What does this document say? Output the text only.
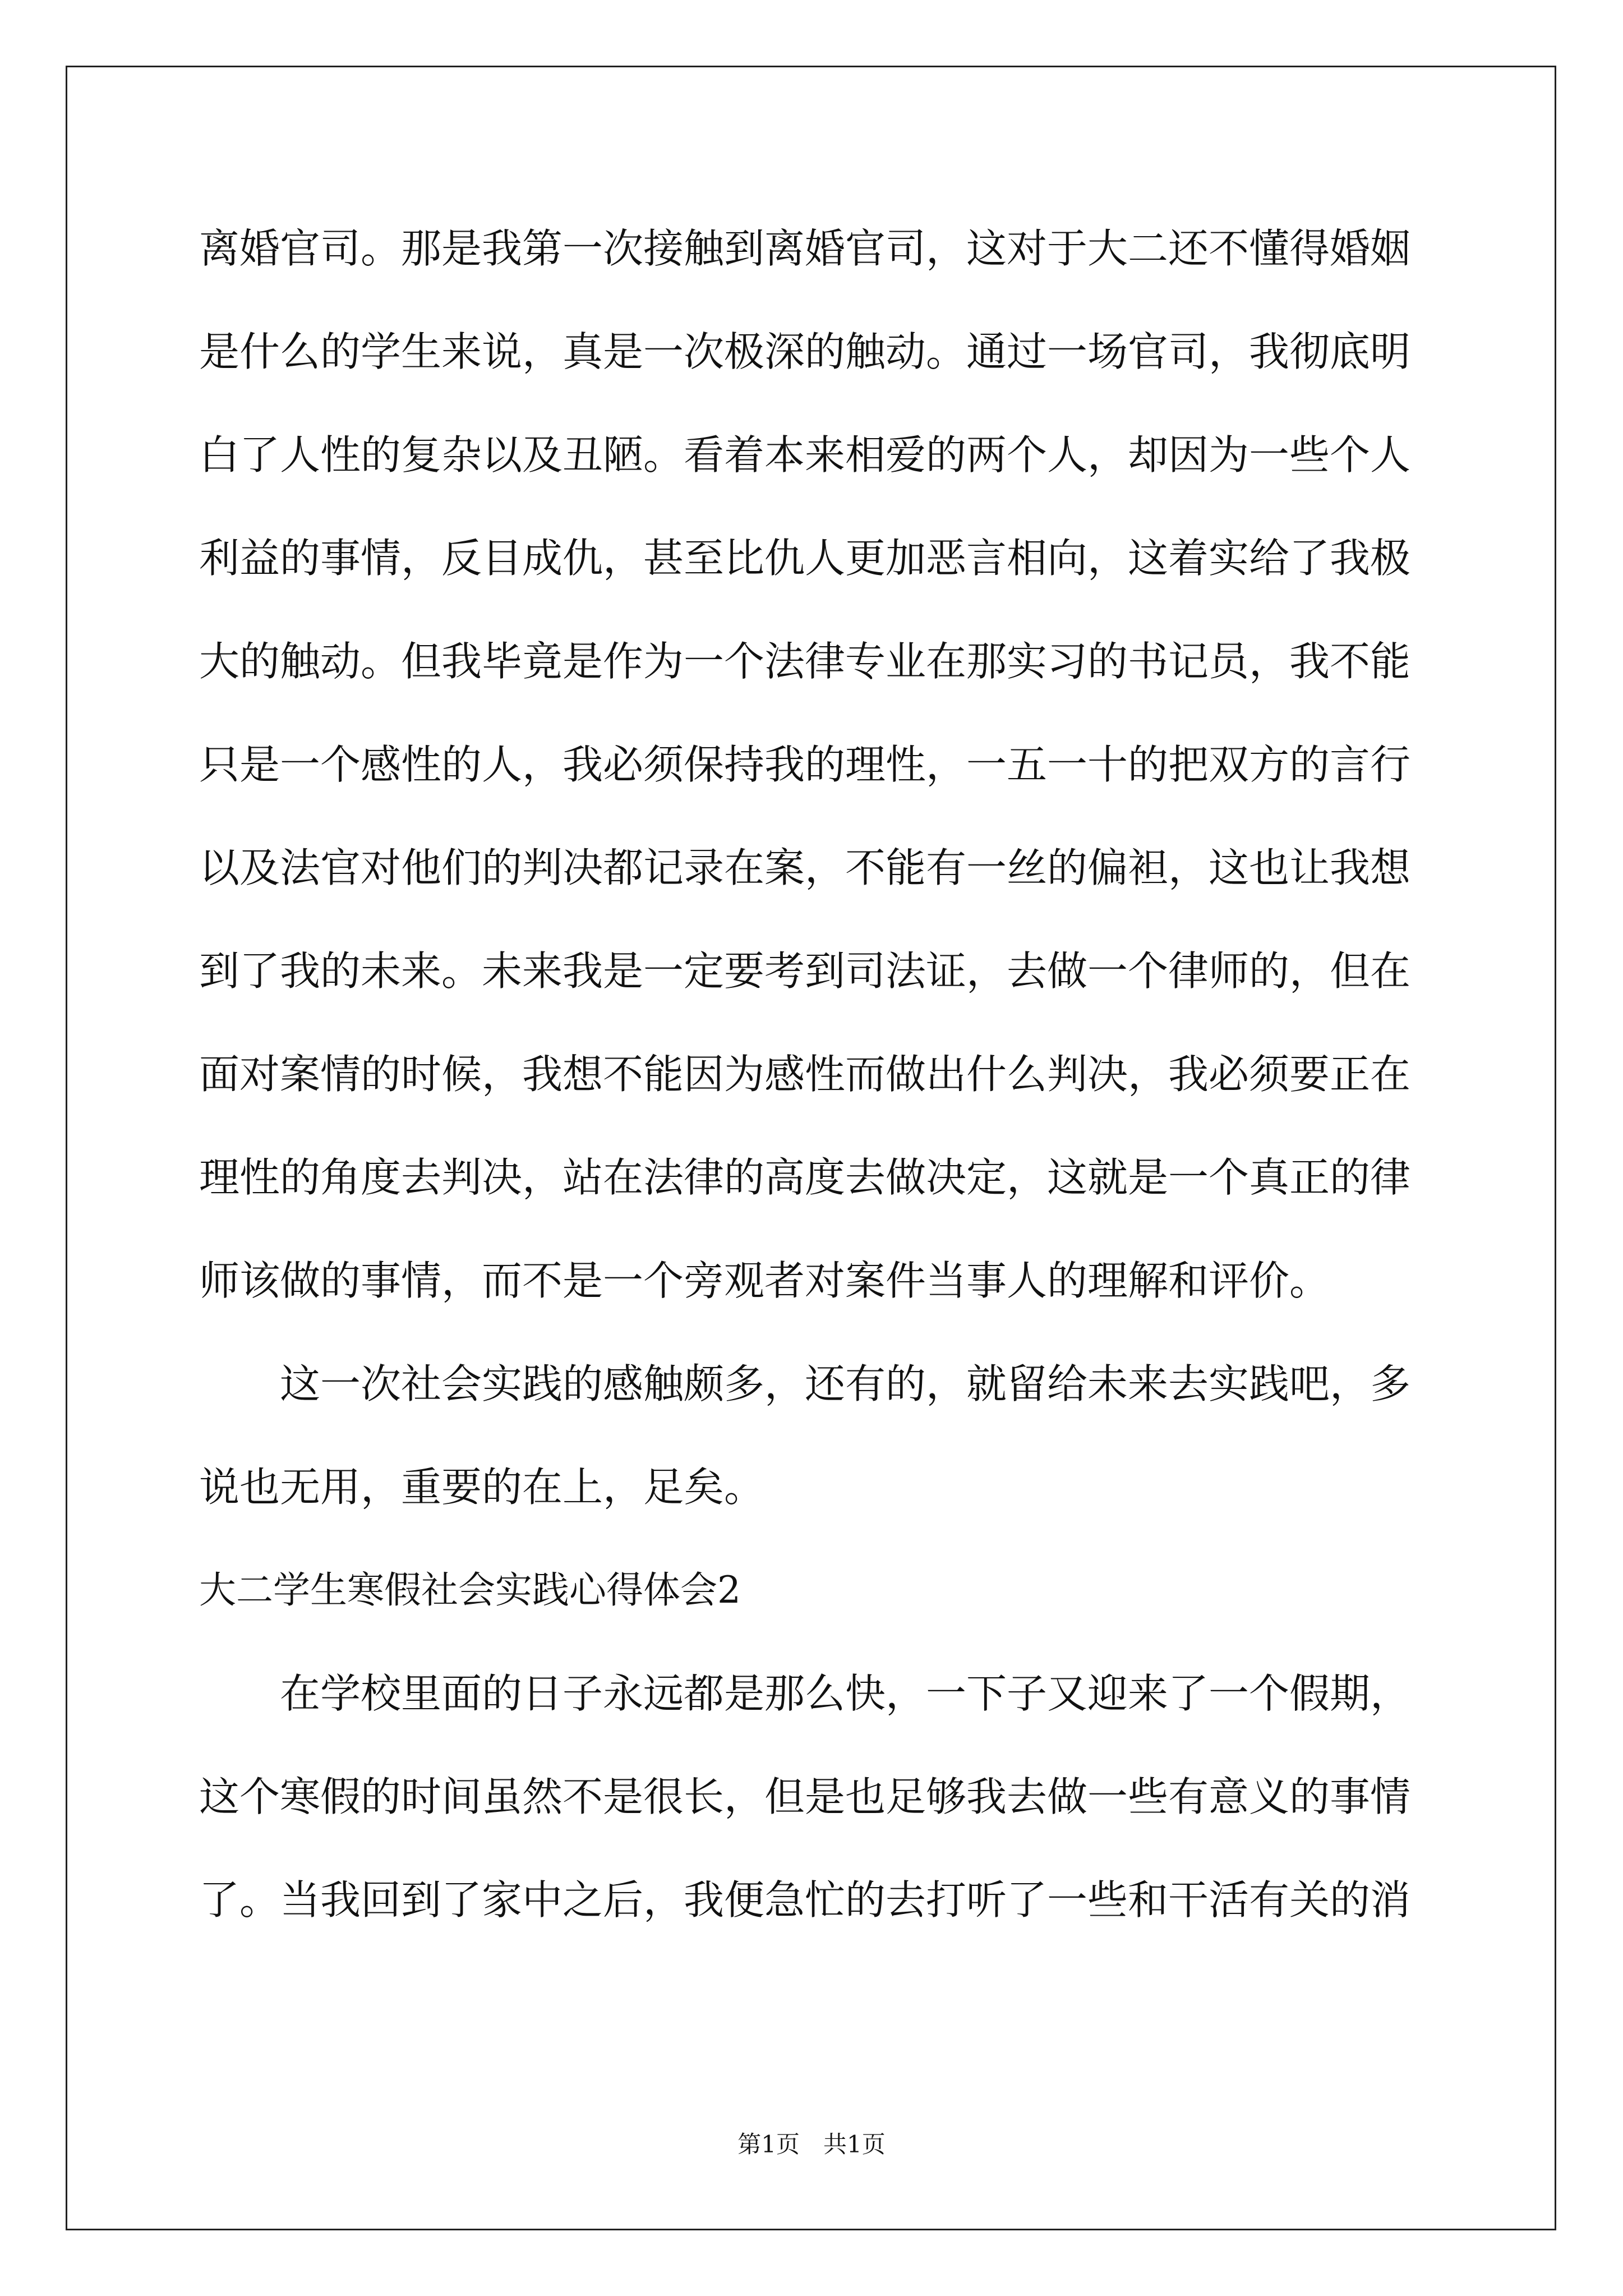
离婚官司。那是我第一次接触到离婚官司，这对于大二还不懂得婚姻
是什么的学生来说，真是一次极深的触动。通过一场官司，我彻底明
白了人性的复杂以及丑陋。看着本来相爱的两个人，却因为一些个人
利益的事情，反目成仇，甚至比仇人更加恶言相向，这着实给了我极
大的触动。但我毕竟是作为一个法律专业在那实习的书记员，我不能
只是一个感性的人，我必须保持我的理性，一五一十的把双方的言行
以及法官对他们的判决都记录在案，不能有一丝的偏袒，这也让我想
到了我的未来。未来我是一定要考到司法证，去做一个律师的，但在
面对案情的时候，我想不能因为感性而做出什么判决，我必须要正在
理性的角度去判决，站在法律的高度去做决定，这就是一个真正的律
师该做的事情，而不是一个旁观者对案件当事人的理解和评价。
　　这一次社会实践的感触颇多，还有的，就留给未来去实践吧，多
说也无用，重要的在上，足矣。
大二学生寒假社会实践心得体会2
　　在学校里面的日子永远都是那么快，一下子又迎来了一个假期，
这个寒假的时间虽然不是很长，但是也足够我去做一些有意义的事情
了。当我回到了家中之后，我便急忙的去打听了一些和干活有关的消
第1页　共1页
